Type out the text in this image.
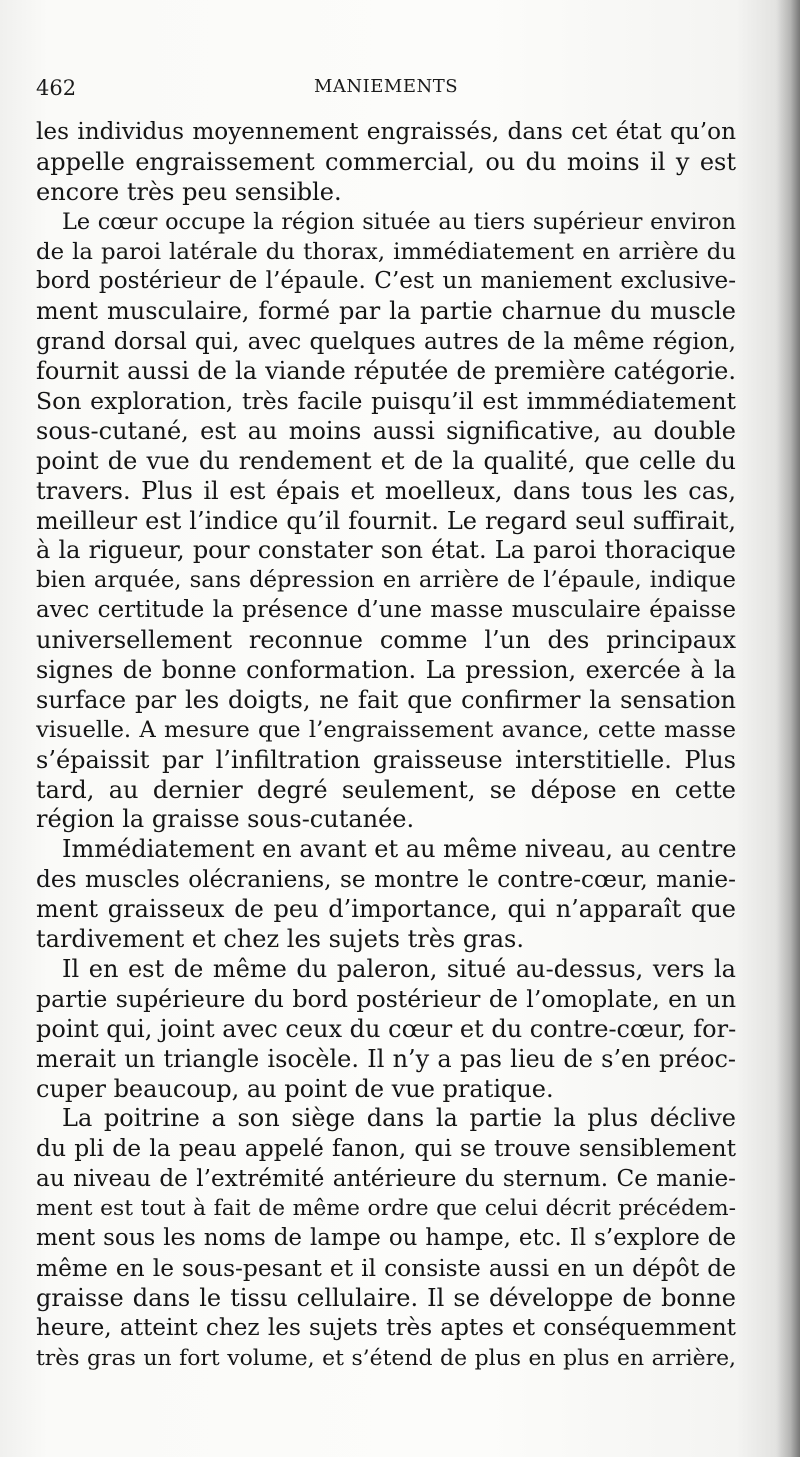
MANIEMENTS
462
les individus moyennement engraissés, dans cet état qu’on
appelle engraissement commercial, ou du moins il y est
encore très peu sensible.
Le cœur occupe la région située au tiers supérieur environ
de la paroi latérale du thorax, immédiatement en arrière du
bord postérieur de l’épaule. C’est un maniement exclusive-
ment musculaire, formé par la partie charnue du muscle
grand dorsal qui, avec quelques autres de la même région,
fournit aussi de la viande réputée de première catégorie.
Son exploration, très facile puisqu’il est immmédiatement
sous-cutané, est au moins aussi significative, au double
point de vue du rendement et de la qualité, que celle du
travers. Plus il est épais et moelleux, dans tous les cas,
meilleur est l’indice qu’il fournit. Le regard seul suffirait,
à la rigueur, pour constater son état. La paroi thoracique
bien arquée, sans dépression en arrière de l’épaule, indique
avec certitude la présence d’une masse musculaire épaisse
universellement reconnue comme l’un des principaux
signes de bonne conformation. La pression, exercée à la
surface par les doigts, ne fait que confirmer la sensation
visuelle. A mesure que l’engraissement avance, cette masse
s’épaissit par l’infiltration graisseuse interstitielle. Plus
tard, au dernier degré seulement, se dépose en cette
région la graisse sous-cutanée.
Immédiatement en avant et au même niveau, au centre
des muscles olécraniens, se montre le contre-cœur, manie-
ment graisseux de peu d’importance, qui n’apparaît que
tardivement et chez les sujets très gras.
Il en est de même du paleron, situé au-dessus, vers la
partie supérieure du bord postérieur de l’omoplate, en un
point qui, joint avec ceux du cœur et du contre-cœur, for-
merait un triangle isocèle. Il n’y a pas lieu de s’en préoc-
cuper beaucoup, au point de vue pratique.
La poitrine a son siège dans la partie la plus déclive
du pli de la peau appelé fanon, qui se trouve sensiblement
au niveau de l’extrémité antérieure du sternum. Ce manie-
ment est tout à fait de même ordre que celui décrit précédem-
ment sous les noms de lampe ou hampe, etc. Il s’explore de
même en le sous-pesant et il consiste aussi en un dépôt de
graisse dans le tissu cellulaire. Il se développe de bonne
heure, atteint chez les sujets très aptes et conséquemment
très gras un fort volume, et s’étend de plus en plus en arrière,
